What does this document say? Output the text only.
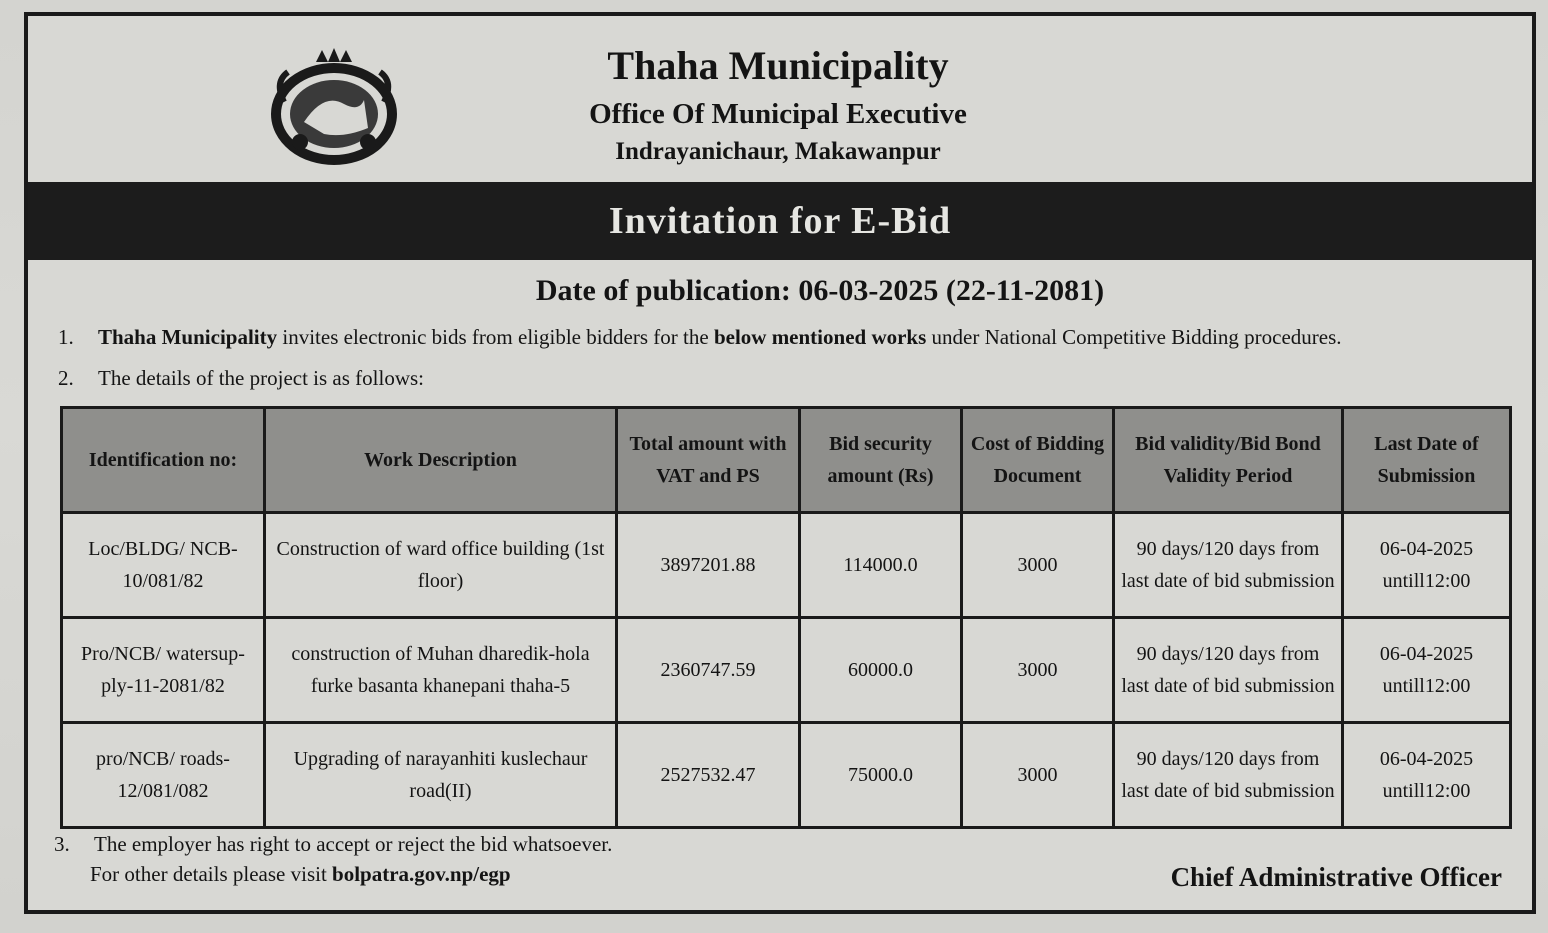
Thaha Municipality
Office Of Municipal Executive
Indrayanichaur, Makawanpur
Invitation for E-Bid
Date of publication: 06-03-2025 (22-11-2081)
1. Thaha Municipality invites electronic bids from eligible bidders for the below mentioned works under National Competitive Bidding procedures.
2. The details of the project is as follows:
Identification no:	Work Description	Total amount with VAT and PS	Bid security amount (Rs)	Cost of Bidding Document	Bid validity/Bid Bond Validity Period	Last Date of Submission
Loc/BLDG/ NCB-10/081/82	Construction of ward office building (1st floor)	3897201.88	114000.0	3000	90 days/120 days from last date of bid submission	06-04-2025 untill12:00
Pro/NCB/ watersup-ply-11-2081/82	construction of Muhan dharedik-hola furke basanta khanepani thaha-5	2360747.59	60000.0	3000	90 days/120 days from last date of bid submission	06-04-2025 untill12:00
pro/NCB/ roads-12/081/082	Upgrading of narayanhiti kuslechaur road(II)	2527532.47	75000.0	3000	90 days/120 days from last date of bid submission	06-04-2025 untill12:00
3. The employer has right to accept or reject the bid whatsoever.
For other details please visit bolpatra.gov.np/egp	Chief Administrative Officer
